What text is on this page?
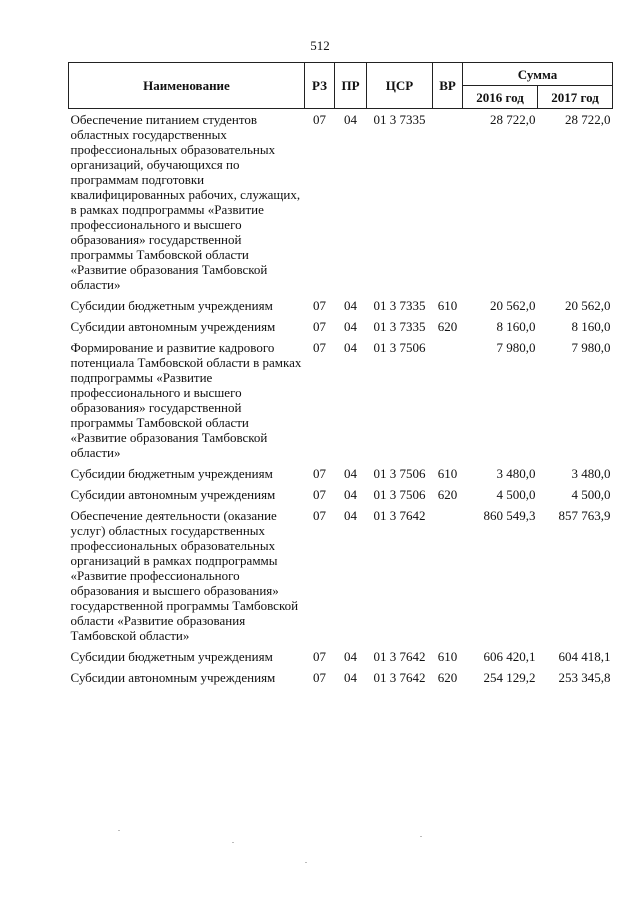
512
Наименование	РЗ	ПР	ЦСР	ВР	Сумма	
					2016 год	2017 год
Обеспечение питанием студентов областных государственных профессиональных образовательных организаций, обучающихся по программам подготовки квалифицированных рабочих, служащих, в рамках подпрограммы «Развитие профессионального и высшего образования» государственной программы Тамбовской области «Развитие образования Тамбовской области»	07	04	01 3 7335		28 722,0	28 722,0
Субсидии бюджетным учреждениям	07	04	01 3 7335	610	20 562,0	20 562,0
Субсидии автономным учреждениям	07	04	01 3 7335	620	8 160,0	8 160,0
Формирование и развитие кадрового потенциала Тамбовской области в рамках подпрограммы «Развитие профессионального и высшего образования» государственной программы Тамбовской области «Развитие образования Тамбовской области»	07	04	01 3 7506		7 980,0	7 980,0
Субсидии бюджетным учреждениям	07	04	01 3 7506	610	3 480,0	3 480,0
Субсидии автономным учреждениям	07	04	01 3 7506	620	4 500,0	4 500,0
Обеспечение деятельности (оказание услуг) областных государственных профессиональных образовательных организаций в рамках подпрограммы «Развитие профессионального образования и высшего образования» государственной программы Тамбовской области «Развитие образования Тамбовской области»	07	04	01 3 7642		860 549,3	857 763,9
Субсидии бюджетным учреждениям	07	04	01 3 7642	610	606 420,1	604 418,1
Субсидии автономным учреждениям	07	04	01 3 7642	620	254 129,2	253 345,8
